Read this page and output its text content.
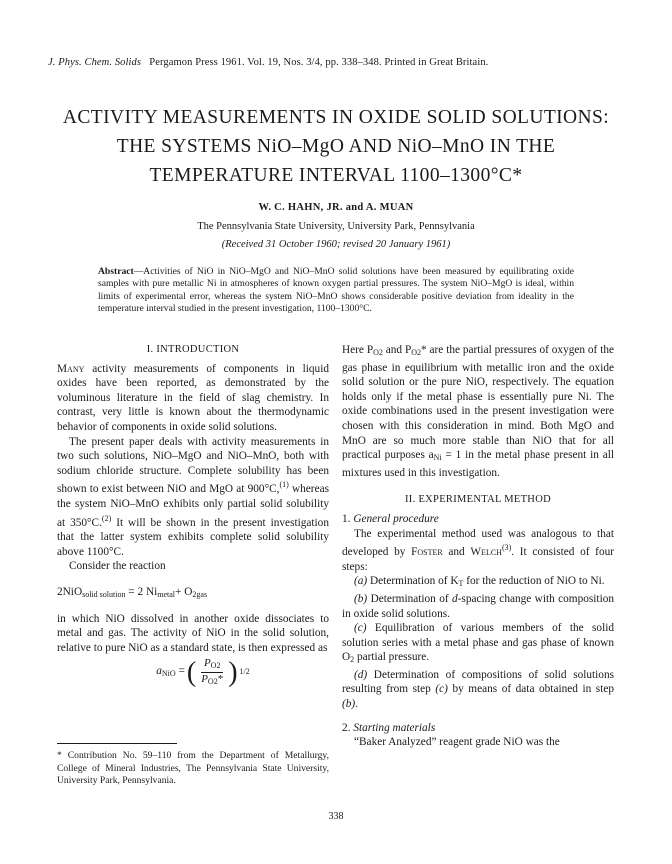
J. Phys. Chem. Solids Pergamon Press 1961. Vol. 19, Nos. 3/4, pp. 338–348. Printed in Great Britain.
ACTIVITY MEASUREMENTS IN OXIDE SOLID SOLUTIONS:
THE SYSTEMS NiO–MgO AND NiO–MnO IN THE
TEMPERATURE INTERVAL 1100–1300°C*
W. C. HAHN, JR. and A. MUAN
The Pennsylvania State University, University Park, Pennsylvania
(Received 31 October 1960; revised 20 January 1961)
Abstract—Activities of NiO in NiO–MgO and NiO–MnO solid solutions have been measured by equilibrating oxide samples with pure metallic Ni in atmospheres of known oxygen partial pressures. The system NiO–MgO is ideal, within limits of experimental error, whereas the system NiO–MnO shows considerable positive deviation from ideality in the temperature interval studied in the present investigation, 1100–1300°C.
I. INTRODUCTION

Many activity measurements of components in liquid oxides have been reported, as demonstrated by the voluminous literature in the field of slag chemistry. In contrast, very little is known about the thermodynamic behavior of components in oxide solid solutions.

The present paper deals with activity measurements in two such solutions, NiO–MgO and NiO–MnO, both with sodium chloride structure. Complete solubility has been shown to exist between NiO and MgO at 900°C,$^{(1)}$ whereas the system NiO–MnO exhibits only partial solid solubility at 350°C.$^{(2)}$ It will be shown in the present investigation that the latter system exhibits complete solid solubility above 1100°C.

Consider the reaction

2NiO$_{solid solution}$ = 2 $Ni_{metal}+ O_{2gas}$

in which NiO dissolved in another oxide dissociates to metal and gas. The activity of NiO in the solid solution, relative to pure NiO as a standard state, is then expressed as

$a_{NiO}$ = ( $\frac{P_{O2}}{P_{O2}*}$ ) 1/2
* Contribution No. 59–110 from the Department of Metallurgy, College of Mineral Industries, The Pennsylvania State University, University Park, Pennsylvania.

Here $P_{O2}$ and $P_{O2}*$ are the partial pressures of oxygen of the gas phase in equilibrium with metallic iron and the oxide solid solution or the pure NiO, respectively. The equation holds only if the metal phase is essentially pure Ni. The oxide combinations used in the present investigation were chosen with this consideration in mind. Both MgO and MnO are so much more stable than NiO that for all practical purposes $a_{Ni} = 1$ in the metal phase present in all mixtures used in this investigation.

II. EXPERIMENTAL METHOD
1. General procedure

The experimental method used was analogous to that developed by Foster and Welch$^{(3)}$. It consisted of four steps:

(a) Determination of $K_T$ for the reduction of NiO to Ni.

(b) Determination of d-spacing change with composition in oxide solid solutions.

(c) Equilibration of various members of the solid solution series with a metal phase and gas phase of known $O_2$ partial pressure.

(d) Determination of compositions of solid solutions resulting from step (c) by means of data obtained in step (b).

2. Starting materials

“Baker Analyzed” reagent grade NiO was the

338
